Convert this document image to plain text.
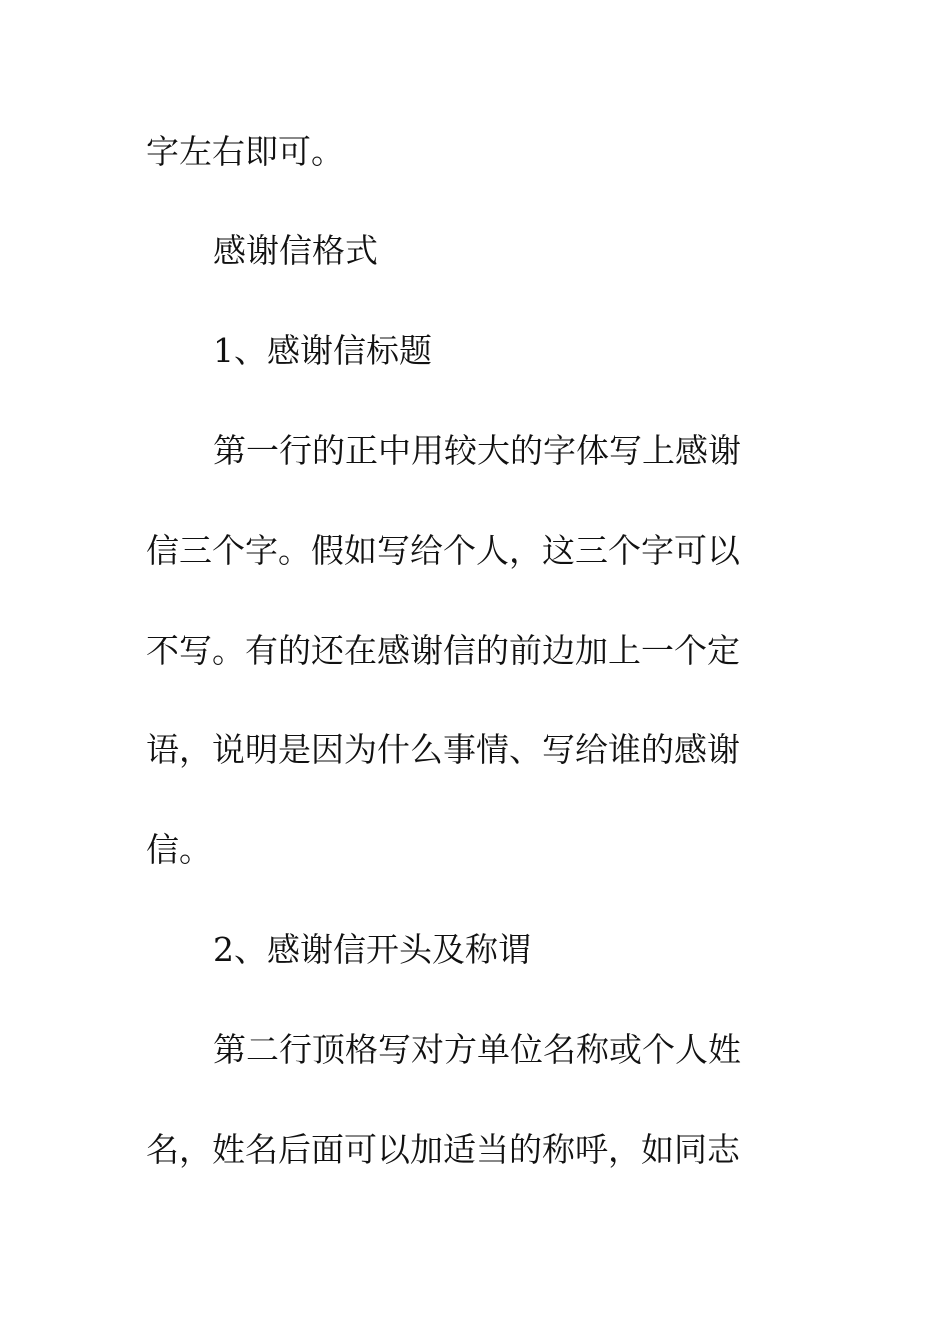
字左右即可。
感谢信格式
1、感谢信标题
第一行的正中用较大的字体写上感谢
信三个字。假如写给个人，这三个字可以
不写。有的还在感谢信的前边加上一个定
语，说明是因为什么事情、写给谁的感谢
信。
2、感谢信开头及称谓
第二行顶格写对方单位名称或个人姓
名，姓名后面可以加适当的称呼，如同志
